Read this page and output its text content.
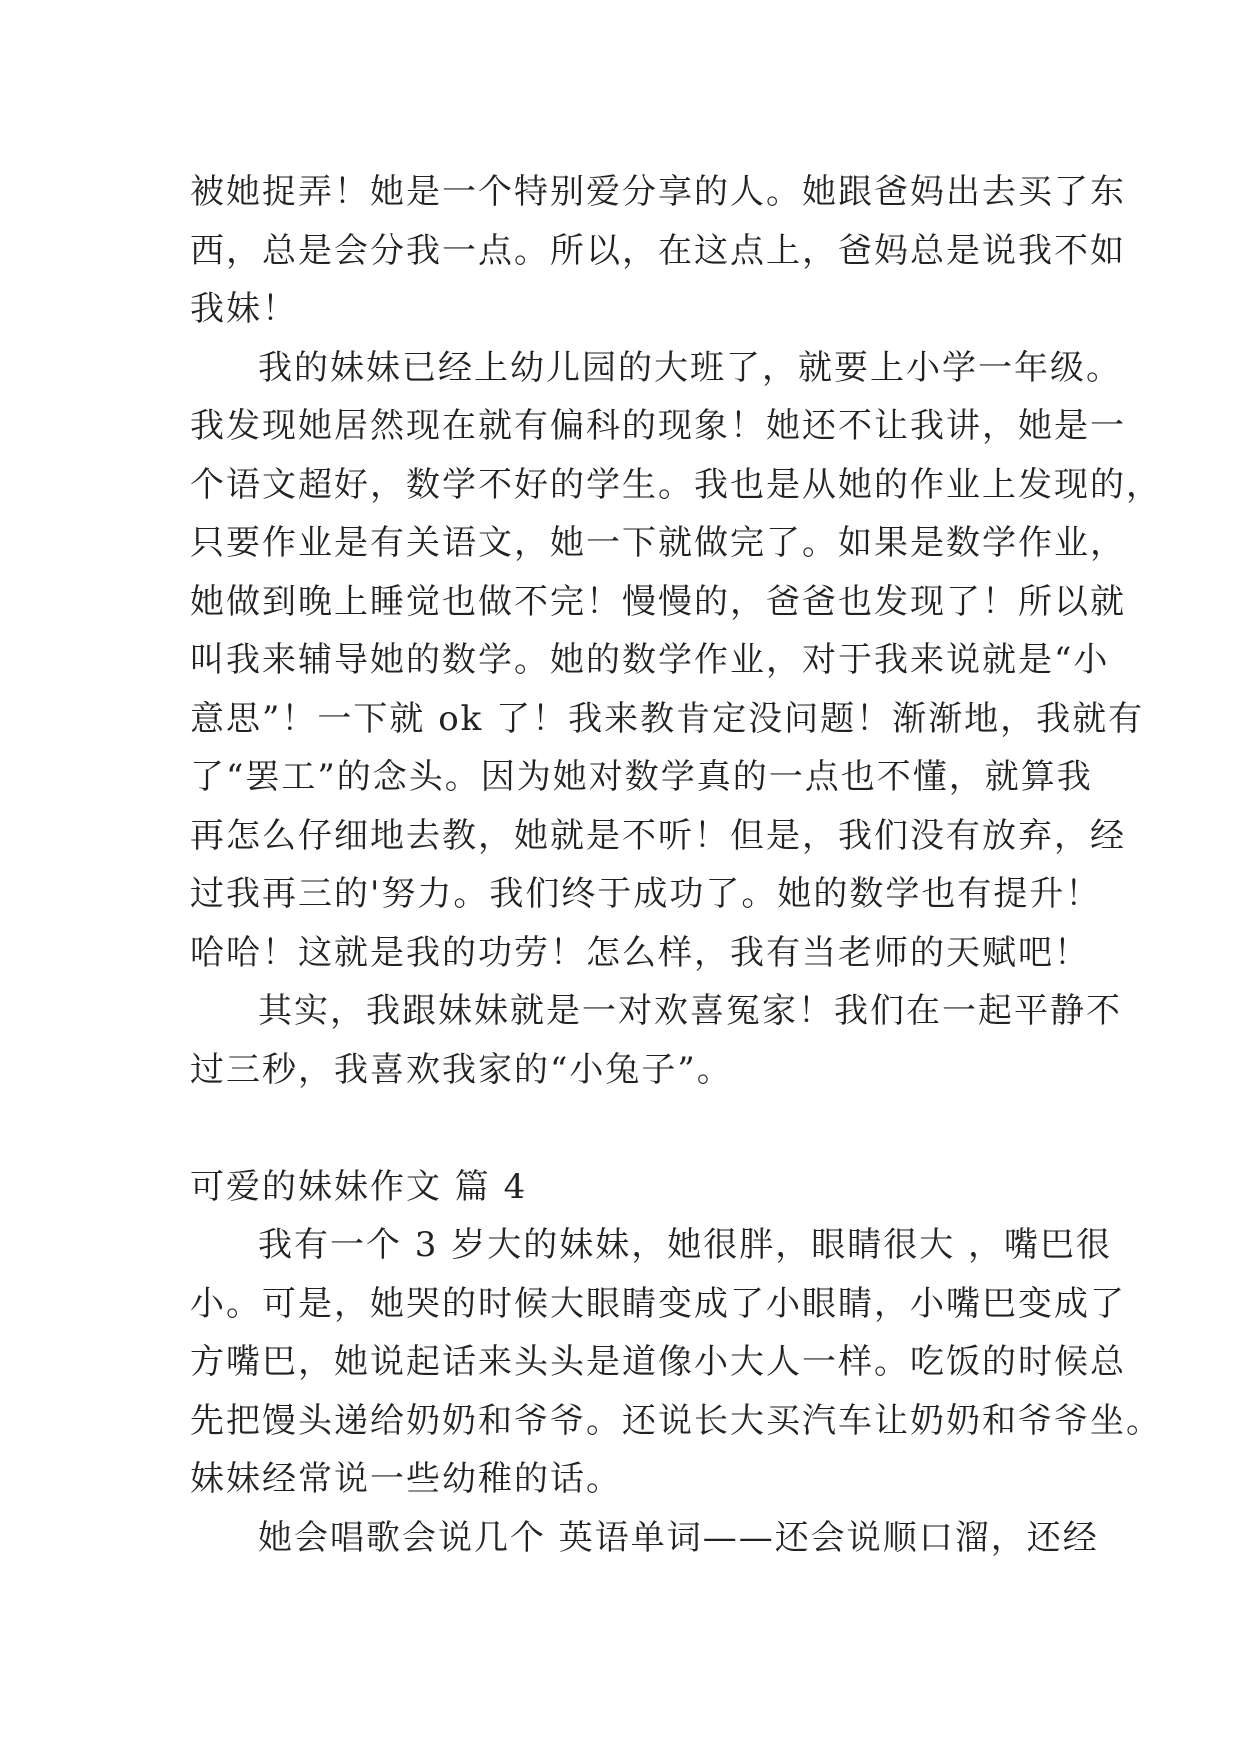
被她捉弄！她是一个特别爱分享的人。她跟爸妈出去买了东
西，总是会分我一点。所以，在这点上，爸妈总是说我不如
我妹！

我的妹妹已经上幼儿园的大班了，就要上小学一年级。
我发现她居然现在就有偏科的现象！她还不让我讲，她是一
个语文超好，数学不好的学生。我也是从她的作业上发现的，
只要作业是有关语文，她一下就做完了。如果是数学作业，
她做到晚上睡觉也做不完！慢慢的，爸爸也发现了！所以就
叫我来辅导她的数学。她的数学作业，对于我来说就是“小
意思”！一下就 ok 了！我来教肯定没问题！渐渐地，我就有
了“罢工”的念头。因为她对数学真的一点也不懂，就算我
再怎么仔细地去教，她就是不听！但是，我们没有放弃，经
过我再三的'努力。我们终于成功了。她的数学也有提升！
哈哈！这就是我的功劳！怎么样，我有当老师的天赋吧！

其实，我跟妹妹就是一对欢喜冤家！我们在一起平静不
过三秒，我喜欢我家的“小兔子”。

可爱的妹妹作文 篇 4

我有一个 3 岁大的妹妹，她很胖，眼睛很大 ，嘴巴很
小。可是，她哭的时候大眼睛变成了小眼睛，小嘴巴变成了
方嘴巴，她说起话来头头是道像小大人一样。吃饭的时候总
先把馒头递给奶奶和爷爷。还说长大买汽车让奶奶和爷爷坐。
妹妹经常说一些幼稚的话。

她会唱歌会说几个 英语单词——还会说顺口溜，还经
